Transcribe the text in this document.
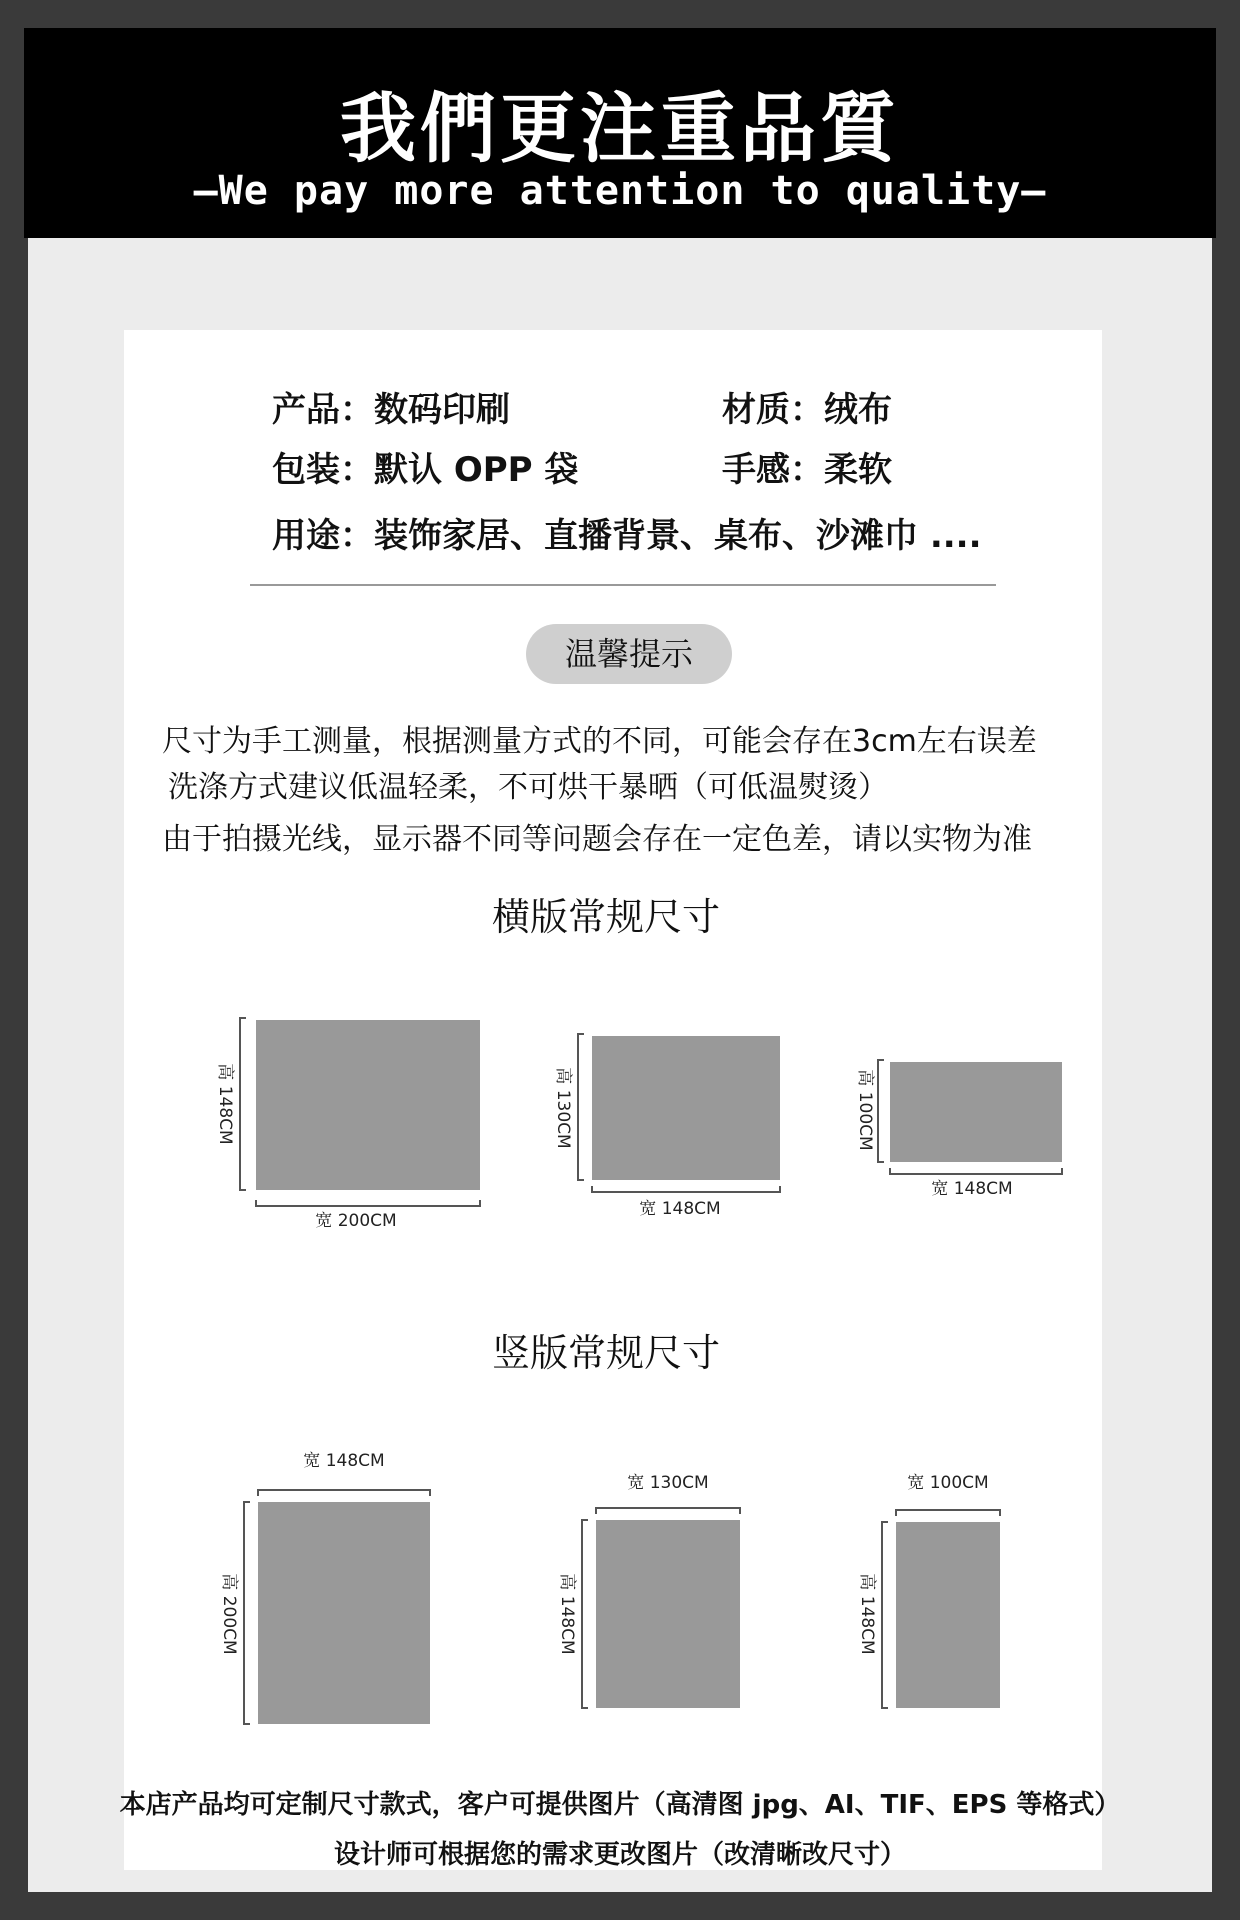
我們更注重品質
—We pay more attention to quality—
产品：数码印刷	材质：绒布
包装：默认 OPP 袋	手感：柔软
用途：装饰家居、直播背景、桌布、沙滩巾 ....
温馨提示
尺寸为手工测量，根据测量方式的不同，可能会存在3cm左右误差
洗涤方式建议低温轻柔，不可烘干暴晒（可低温熨烫）
由于拍摄光线，显示器不同等问题会存在一定色差，请以实物为准
横版常规尺寸
竖版常规尺寸
高 148CM
宽 200CM
高 130CM
宽 148CM
高 100CM
宽 148CM
宽 148CM
高 200CM
宽 130CM
高 148CM
宽 100CM
高 148CM
本店产品均可定制尺寸款式，客户可提供图片（高清图 jpg、AI、TIF、EPS 等格式）
设计师可根据您的需求更改图片（改清晰改尺寸）
